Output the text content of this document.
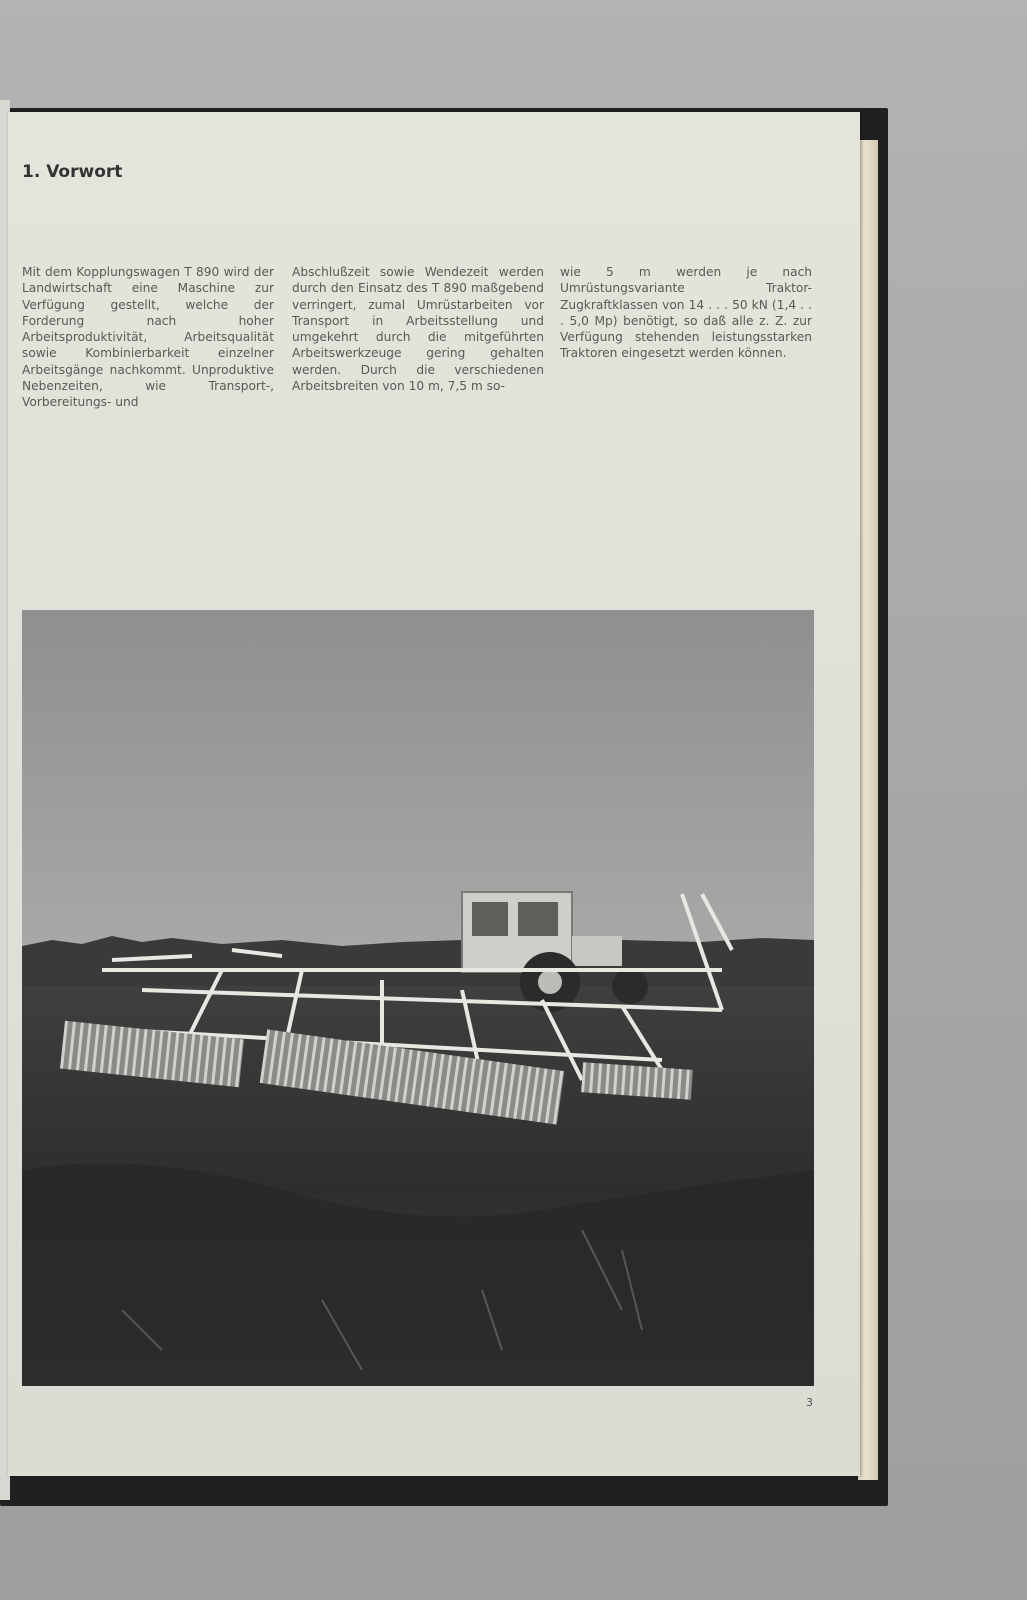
1. Vorwort

Mit dem Kopplungswagen T 890 wird der Landwirtschaft eine Maschine zur Verfügung gestellt, welche der Forderung nach hoher Arbeitsproduktivität, Arbeitsqualität sowie Kombinierbarkeit einzelner Arbeitsgänge nachkommt. Unproduktive Nebenzeiten, wie Transport-, Vorbereitungs- und

Abschlußzeit sowie Wendezeit werden durch den Einsatz des T 890 maßgebend verringert, zumal Umrüstarbeiten vor Transport in Arbeitsstellung und umgekehrt durch die mitgeführten Arbeitswerkzeuge gering gehalten werden. Durch die verschiedenen Arbeitsbreiten von 10 m, 7,5 m so-

wie 5 m werden je nach Umrüstungsvariante Traktor-Zugkraftklassen von 14 . . . 50 kN (1,4 . . . 5,0 Mp) benötigt, so daß alle z. Z. zur Verfügung stehenden leistungsstarken Traktoren eingesetzt werden können.

3
